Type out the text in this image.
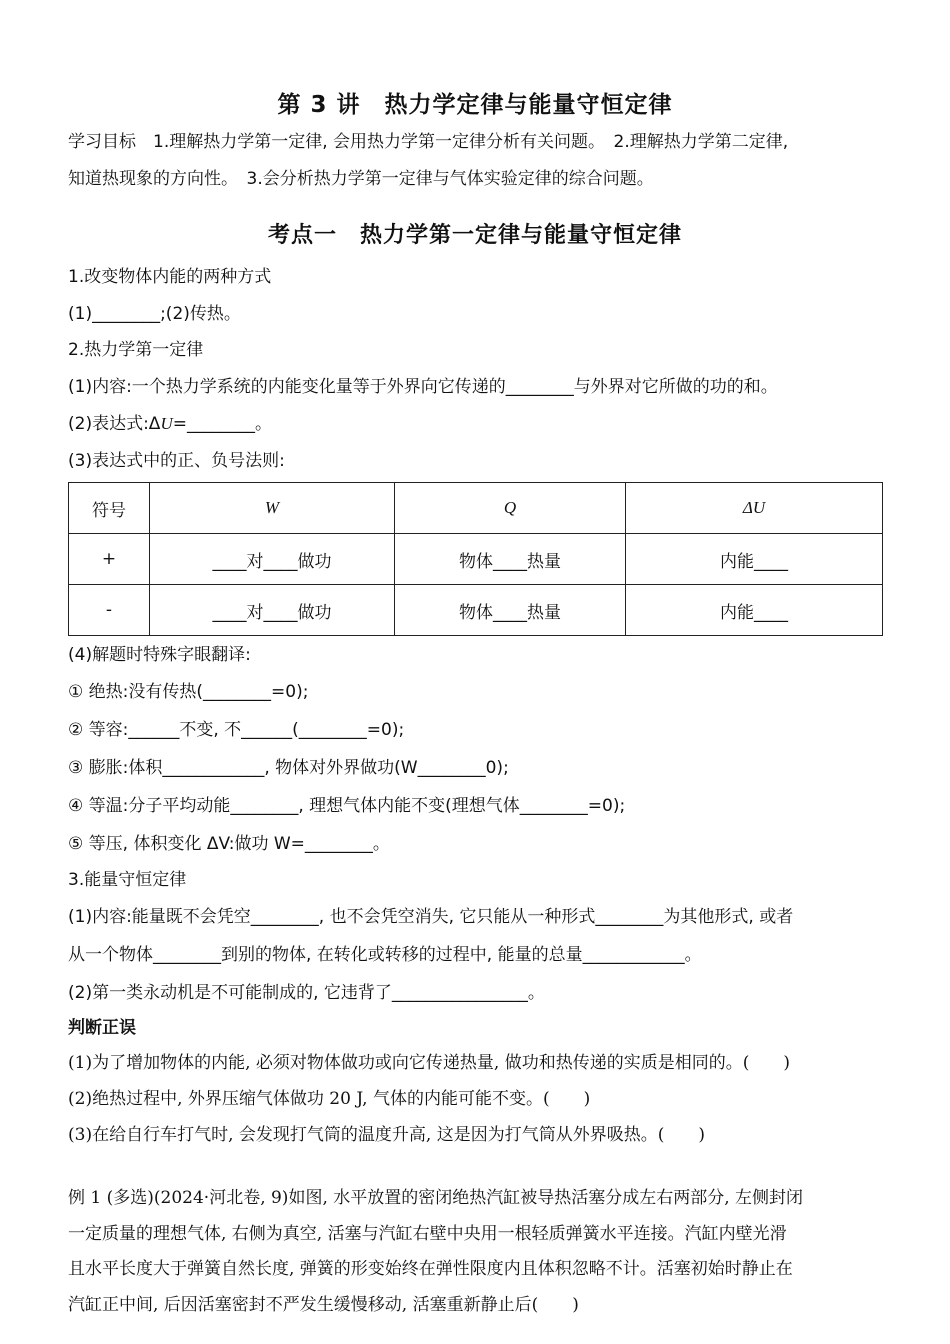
第 3 讲　热力学定律与能量守恒定律
学习目标　1.理解热力学第一定律, 会用热力学第一定律分析有关问题。　2.理解热力学第二定律,
知道热现象的方向性。　3.会分析热力学第一定律与气体实验定律的综合问题。
考点一　热力学第一定律与能量守恒定律
1.改变物体内能的两种方式
(1)________;(2)传热。
2.热力学第一定律
(1)内容:一个热力学系统的内能变化量等于外界向它传递的________与外界对它所做的功的和。
(2)表达式:ΔU=________。
(3)表达式中的正、负号法则:
符号	W	Q	ΔU
+	____对____做功	物体____热量	内能____
-	____对____做功	物体____热量	内能____
(4)解题时特殊字眼翻译:
① 绝热:没有传热(________=0);
② 等容:______不变, 不______(________=0);
③ 膨胀:体积____________, 物体对外界做功(W________0);
④ 等温:分子平均动能________, 理想气体内能不变(理想气体________=0);
⑤ 等压, 体积变化 ΔV:做功 W=________。
3.能量守恒定律
(1)内容:能量既不会凭空________, 也不会凭空消失, 它只能从一种形式________为其他形式, 或者
从一个物体________到别的物体, 在转化或转移的过程中, 能量的总量____________。
(2)第一类永动机是不可能制成的, 它违背了________________。
判断正误
(1)为了增加物体的内能, 必须对物体做功或向它传递热量, 做功和热传递的实质是相同的。(　　)
(2)绝热过程中, 外界压缩气体做功 20 J, 气体的内能可能不变。(　　)
(3)在给自行车打气时, 会发现打气筒的温度升高, 这是因为打气筒从外界吸热。(　　)
例 1 (多选)(2024·河北卷, 9)如图, 水平放置的密闭绝热汽缸被导热活塞分成左右两部分, 左侧封闭
一定质量的理想气体, 右侧为真空, 活塞与汽缸右壁中央用一根轻质弹簧水平连接。汽缸内壁光滑
且水平长度大于弹簧自然长度, 弹簧的形变始终在弹性限度内且体积忽略不计。活塞初始时静止在
汽缸正中间, 后因活塞密封不严发生缓慢移动, 活塞重新静止后(　　)
